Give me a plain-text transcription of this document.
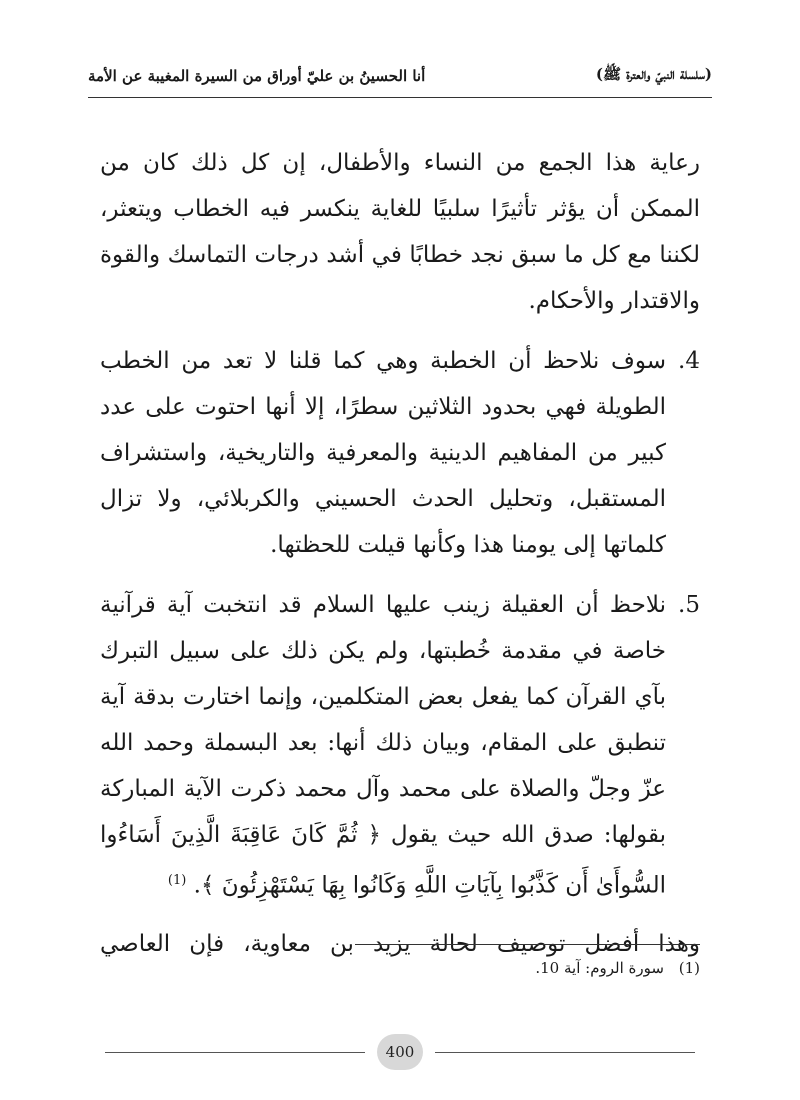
(سلسلة النبيّ والعترة ﷺ)
أنا الحسينُ بن عليّ أوراق من السيرة المغيبة عن الأمة

رعاية هذا الجمع من النساء والأطفال، إن كل ذلك كان من الممكن أن يؤثر تأثيرًا سلبيًا للغاية ينكسر فيه الخطاب ويتعثر، لكننا مع كل ما سبق نجد خطابًا في أشد درجات التماسك والقوة والاقتدار والأحكام.

4.
سوف نلاحظ أن الخطبة وهي كما قلنا لا تعد من الخطب الطويلة فهي بحدود الثلاثين سطرًا، إلا أنها احتوت على عدد كبير من المفاهيم الدينية والمعرفية والتاريخية، واستشراف المستقبل، وتحليل الحدث الحسيني والكربلائي، ولا تزال كلماتها إلى يومنا هذا وكأنها قيلت للحظتها.
5.
نلاحظ أن العقيلة زينب عليها السلام قد انتخبت آية قرآنية خاصة في مقدمة خُطبتها، ولم يكن ذلك على سبيل التبرك بآي القرآن كما يفعل بعض المتكلمين، وإنما اختارت بدقة آية تنطبق على المقام، وبيان ذلك أنها: بعد البسملة وحمد الله عزّ وجلّ والصلاة على محمد وآل محمد ذكرت الآية المباركة بقولها: صدق الله حيث يقول ﴿ ثُمَّ كَانَ عَاقِبَةَ الَّذِينَ أَسَاءُوا السُّوأَىٰ أَن كَذَّبُوا بِآيَاتِ اللَّهِ وَكَانُوا بِهَا يَسْتَهْزِئُونَ ﴾. $^{(1)}$

وهذا أفضل توصيف لحالة يزيد بن معاوية، فإن العاصي

(1) سورة الروم: آية 10.
400
